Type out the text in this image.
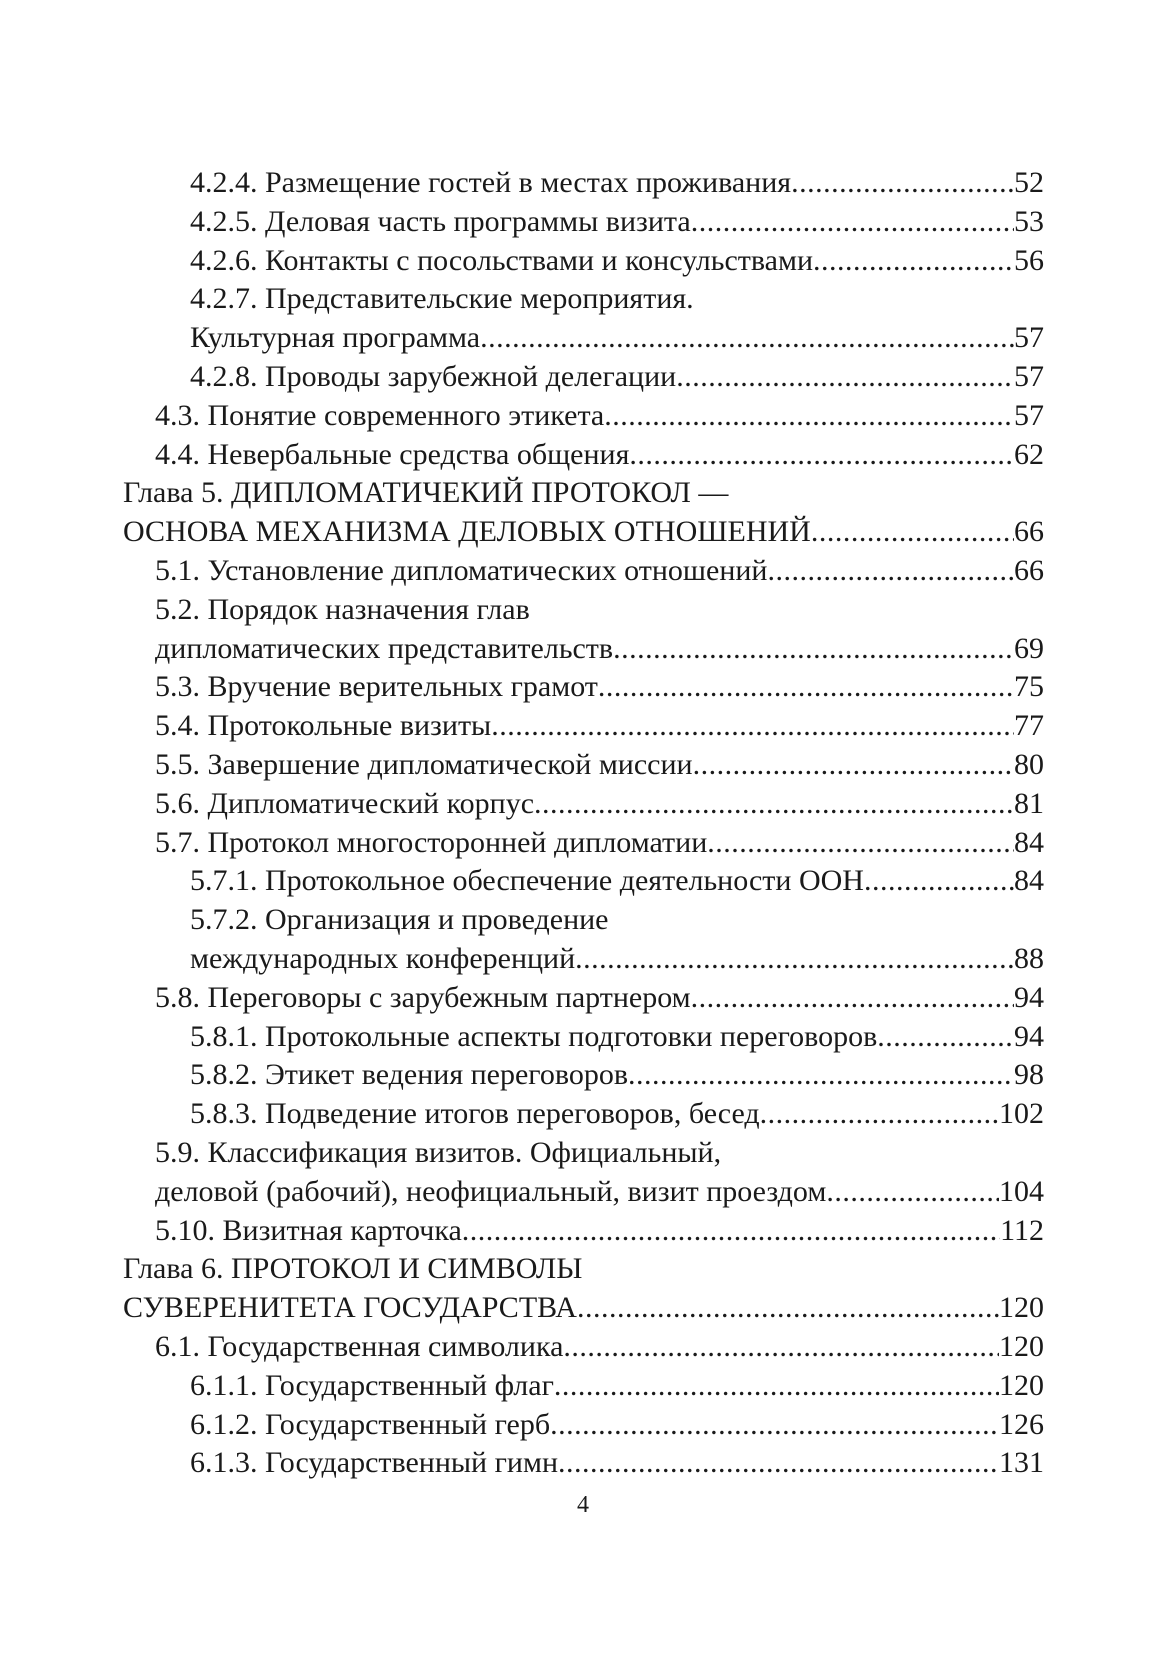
4.2.4. Размещение гостей в местах проживания .....	52
4.2.5. Деловая часть программы визита .....	53
4.2.6. Контакты с посольствами и консульствами .....	56
4.2.7. Представительские мероприятия.
Культурная программа .....	57
4.2.8. Проводы зарубежной делегации .....	57
4.3. Понятие современного этикета .....	57
4.4. Невербальные средства общения .....	62
Глава 5. ДИПЛОМАТИЧЕКИЙ ПРОТОКОЛ —
ОСНОВА МЕХАНИЗМА ДЕЛОВЫХ ОТНОШЕНИЙ .....	66
5.1. Установление дипломатических отношений .....	66
5.2. Порядок назначения глав
дипломатических представительств .....	69
5.3. Вручение верительных грамот .....	75
5.4. Протокольные визиты .....	77
5.5. Завершение дипломатической миссии .....	80
5.6. Дипломатический корпус .....	81
5.7. Протокол многосторонней дипломатии .....	84
5.7.1. Протокольное обеспечение деятельности ООН .....	84
5.7.2. Организация и проведение
международных конференций .....	88
5.8. Переговоры с зарубежным партнером .....	94
5.8.1. Протокольные аспекты подготовки переговоров .....	94
5.8.2. Этикет ведения переговоров .....	98
5.8.3. Подведение итогов переговоров, бесед .....	102
5.9. Классификация визитов. Официальный,
деловой (рабочий), неофициальный, визит проездом .....	104
5.10. Визитная карточка .....	112
Глава 6. ПРОТОКОЛ И СИМВОЛЫ
СУВЕРЕНИТЕТА ГОСУДАРСТВА .....	120
6.1. Государственная символика .....	120
6.1.1. Государственный флаг .....	120
6.1.2. Государственный герб .....	126
6.1.3. Государственный гимн .....	131
4
